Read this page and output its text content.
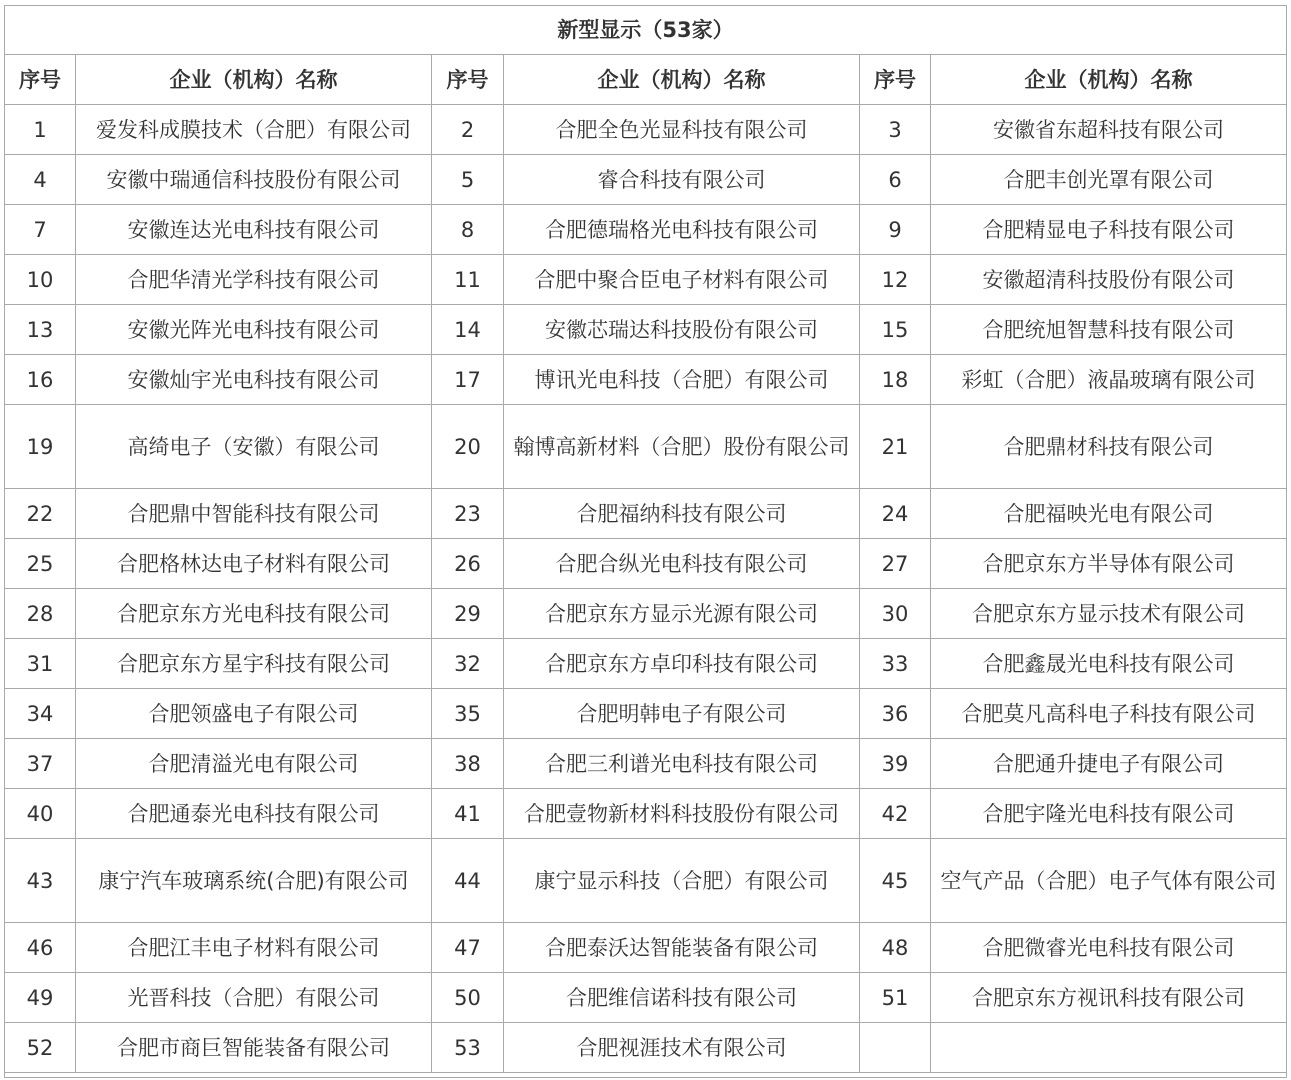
新型显示（53家）					
序号	企业（机构）名称	序号	企业（机构）名称	序号	企业（机构）名称
1	爱发科成膜技术（合肥）有限公司	2	合肥全色光显科技有限公司	3	安徽省东超科技有限公司
4	安徽中瑞通信科技股份有限公司	5	睿合科技有限公司	6	合肥丰创光罩有限公司
7	安徽连达光电科技有限公司	8	合肥德瑞格光电科技有限公司	9	合肥精显电子科技有限公司
10	合肥华清光学科技有限公司	11	合肥中聚合臣电子材料有限公司	12	安徽超清科技股份有限公司
13	安徽光阵光电科技有限公司	14	安徽芯瑞达科技股份有限公司	15	合肥统旭智慧科技有限公司
16	安徽灿宇光电科技有限公司	17	博讯光电科技（合肥）有限公司	18	彩虹（合肥）液晶玻璃有限公司
19	高绮电子（安徽）有限公司	20	翰博高新材料（合肥）股份有限公司	21	合肥鼎材科技有限公司
22	合肥鼎中智能科技有限公司	23	合肥福纳科技有限公司	24	合肥福映光电有限公司
25	合肥格林达电子材料有限公司	26	合肥合纵光电科技有限公司	27	合肥京东方半导体有限公司
28	合肥京东方光电科技有限公司	29	合肥京东方显示光源有限公司	30	合肥京东方显示技术有限公司
31	合肥京东方星宇科技有限公司	32	合肥京东方卓印科技有限公司	33	合肥鑫晟光电科技有限公司
34	合肥领盛电子有限公司	35	合肥明韩电子有限公司	36	合肥莫凡高科电子科技有限公司
37	合肥清溢光电有限公司	38	合肥三利谱光电科技有限公司	39	合肥通升捷电子有限公司
40	合肥通泰光电科技有限公司	41	合肥壹物新材料科技股份有限公司	42	合肥宇隆光电科技有限公司
43	康宁汽车玻璃系统(合肥)有限公司	44	康宁显示科技（合肥）有限公司	45	空气产品（合肥）电子气体有限公司
46	合肥江丰电子材料有限公司	47	合肥泰沃达智能装备有限公司	48	合肥微睿光电科技有限公司
49	光晋科技（合肥）有限公司	50	合肥维信诺科技有限公司	51	合肥京东方视讯科技有限公司
52	合肥市商巨智能装备有限公司	53	合肥视涯技术有限公司		
